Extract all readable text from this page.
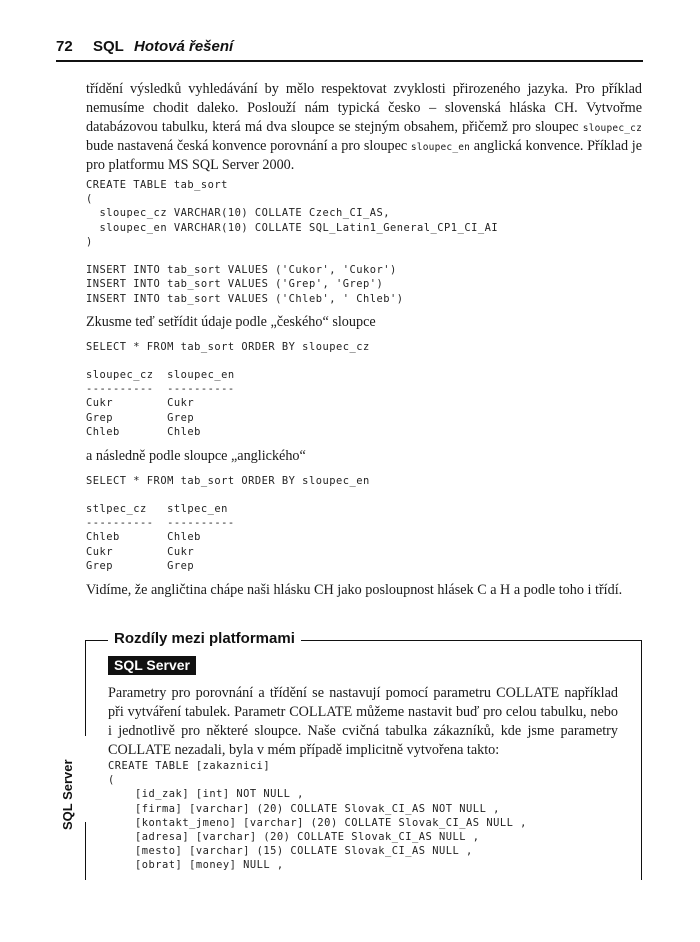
72 SQL Hotová řešení
třídění výsledků vyhledávání by mělo respektovat zvyklosti přirozeného jazyka. Pro příklad nemusíme chodit daleko. Poslouží nám typická česko – slovenská hláska CH. Vytvořme databázovou tabulku, která má dva sloupce se stejným obsahem, přičemž pro sloupec sloupec_cz bude nastavená česká konvence porovnání a pro sloupec sloupec_en anglická konvence. Příklad je pro platformu MS SQL Server 2000.
CREATE TABLE tab_sort
(
sloupec_cz VARCHAR(10) COLLATE Czech_CI_AS,
sloupec_en VARCHAR(10) COLLATE SQL_Latin1_General_CP1_CI_AI
)

INSERT INTO tab_sort VALUES ('Cukor', 'Cukor')
INSERT INTO tab_sort VALUES ('Grep', 'Grep')
INSERT INTO tab_sort VALUES ('Chleb', ' Chleb')
Zkusme teď setřídit údaje podle „českého“ sloupce
SELECT * FROM tab_sort ORDER BY sloupec_cz
sloupec_cz  sloupec_en
----------  ----------
Cukr        Cukr
Grep        Grep
Chleb       Chleb
a následně podle sloupce „anglického“
SELECT * FROM tab_sort ORDER BY sloupec_en
stlpec_cz   stlpec_en
----------  ----------
Chleb       Chleb
Cukr        Cukr
Grep        Grep
Vidíme, že angličtina chápe naši hlásku CH jako posloupnost hlásek C a H a podle toho i třídí.
Rozdíly mezi platformami
SQL Server
SQL Server
Parametry pro porovnání a třídění se nastavují pomocí parametru COLLATE například při vytváření tabulek. Parametr COLLATE můžeme nastavit buď pro celou tabulku, nebo i jednotlivě pro některé sloupce. Naše cvičná tabulka zákazníků, kde jsme parametry COLLATE nezadali, byla v mém případě implicitně vytvořena takto:
CREATE TABLE [zakaznici]
(
[id_zak] [int] NOT NULL ,
[firma] [varchar] (20) COLLATE Slovak_CI_AS NOT NULL ,
[kontakt_jmeno] [varchar] (20) COLLATE Slovak_CI_AS NULL ,
[adresa] [varchar] (20) COLLATE Slovak_CI_AS NULL ,
[mesto] [varchar] (15) COLLATE Slovak_CI_AS NULL ,
[obrat] [money] NULL ,
